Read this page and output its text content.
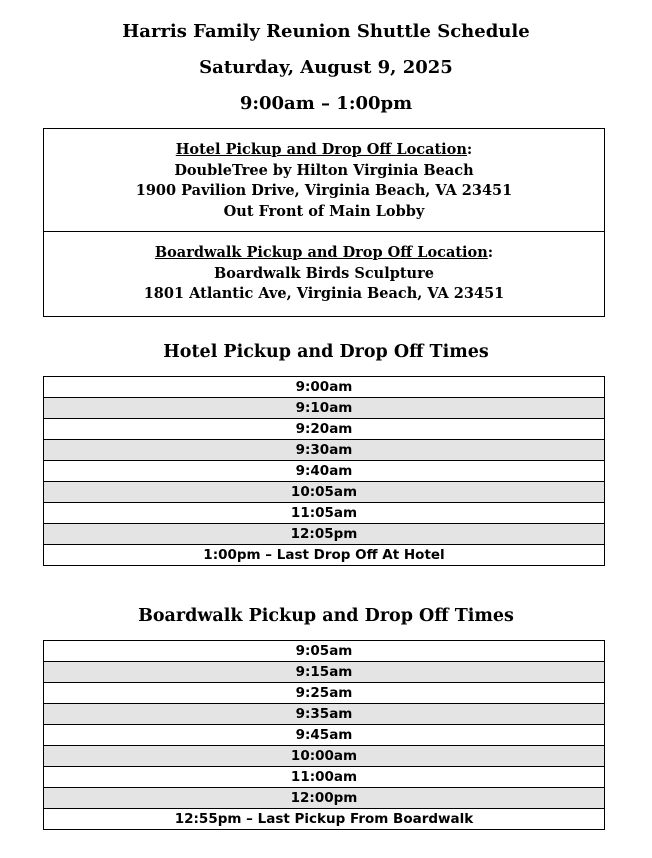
Harris Family Reunion Shuttle Schedule
Saturday, August 9, 2025
9:00am – 1:00pm
Hotel Pickup and Drop Off Location:
DoubleTree by Hilton Virginia Beach
1900 Pavilion Drive, Virginia Beach, VA 23451
Out Front of Main Lobby
Boardwalk Pickup and Drop Off Location:
Boardwalk Birds Sculpture
1801 Atlantic Ave, Virginia Beach, VA 23451
Hotel Pickup and Drop Off Times
9:00am
9:10am
9:20am
9:30am
9:40am
10:05am
11:05am
12:05pm
1:00pm – Last Drop Off At Hotel
Boardwalk Pickup and Drop Off Times
9:05am
9:15am
9:25am
9:35am
9:45am
10:00am
11:00am
12:00pm
12:55pm – Last Pickup From Boardwalk
